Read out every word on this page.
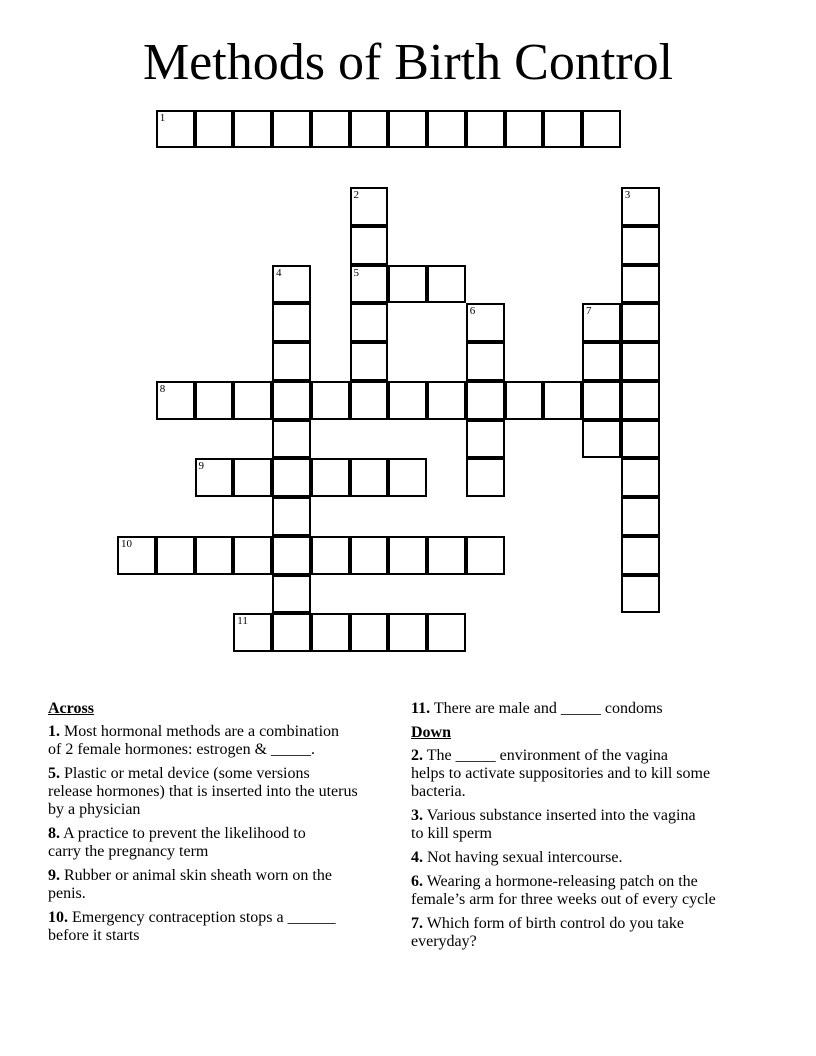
Methods of Birth Control
1
2	3
4	5
6	7
8
9
10
11
Across
1. Most hormonal methods are a combination
of 2 female hormones: estrogen & _____.
5. Plastic or metal device (some versions
release hormones) that is inserted into the uterus
by a physician
8. A practice to prevent the likelihood to
carry the pregnancy term
9. Rubber or animal skin sheath worn on the
penis.
10. Emergency contraception stops a ______
before it starts
11. There are male and _____ condoms
Down
2. The _____ environment of the vagina
helps to activate suppositories and to kill some
bacteria.
3. Various substance inserted into the vagina
to kill sperm
4. Not having sexual intercourse.
6. Wearing a hormone-releasing patch on the
female’s arm for three weeks out of every cycle
7. Which form of birth control do you take
everyday?
